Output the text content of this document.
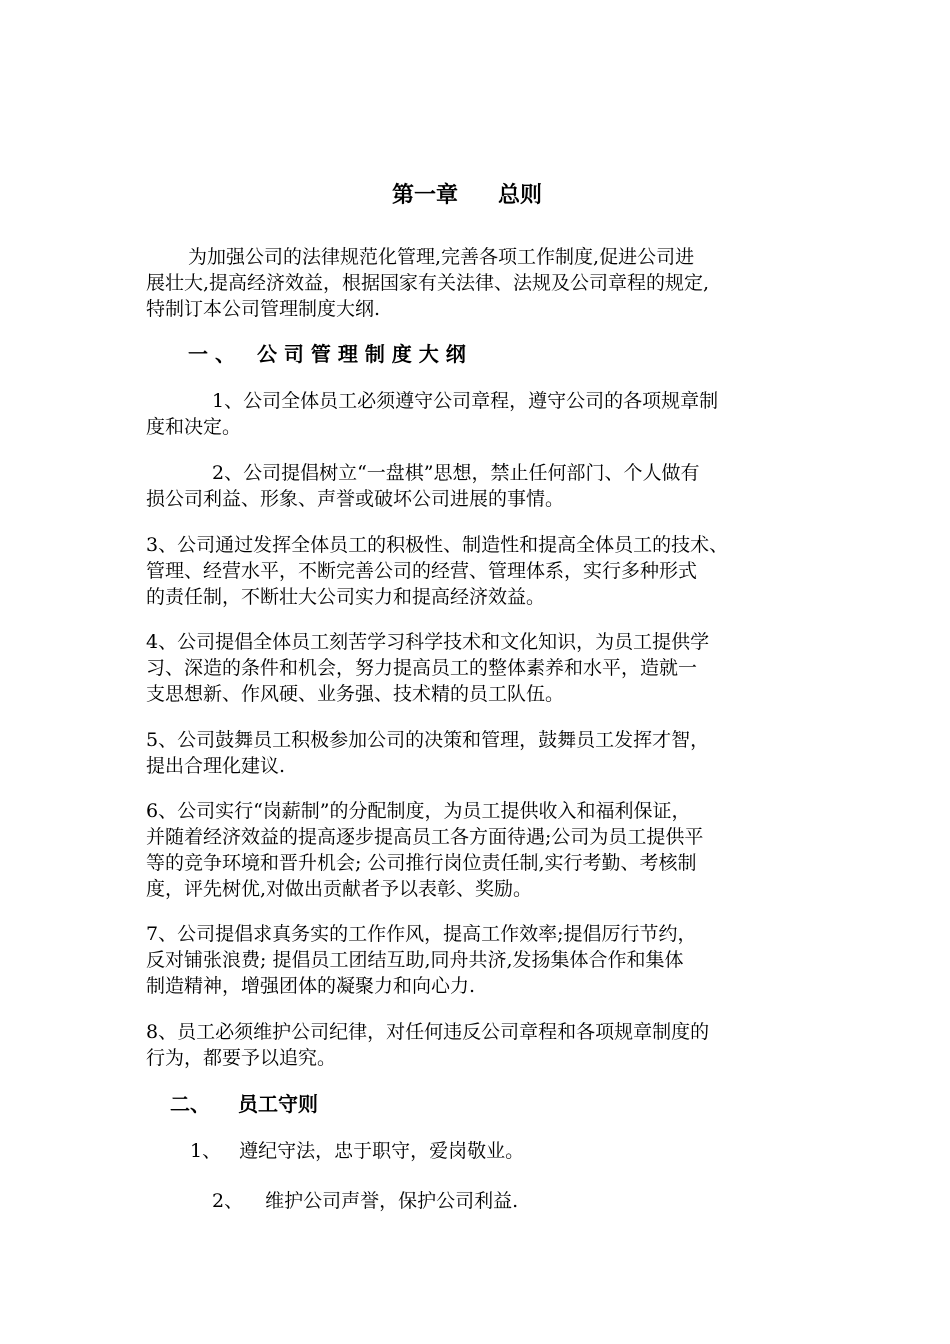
第一章 总则
为加强公司的法律规范化管理,完善各项工作制度,促进公司进
展壮大,提高经济效益，根据国家有关法律、法规及公司章程的规定,
特制订本公司管理制度大纲.
一 、 公 司 管 理 制 度 大 纲
1、公司全体员工必须遵守公司章程，遵守公司的各项规章制
度和决定。
2、公司提倡树立“一盘棋”思想，禁止任何部门、个人做有
损公司利益、形象、声誉或破坏公司进展的事情。
3、公司通过发挥全体员工的积极性、制造性和提高全体员工的技术、
管理、经营水平，不断完善公司的经营、管理体系，实行多种形式
的责任制，不断壮大公司实力和提高经济效益。
4、公司提倡全体员工刻苦学习科学技术和文化知识，为员工提供学
习、深造的条件和机会，努力提高员工的整体素养和水平，造就一
支思想新、作风硬、业务强、技术精的员工队伍。
5、公司鼓舞员工积极参加公司的决策和管理，鼓舞员工发挥才智，
提出合理化建议.
6、公司实行“岗薪制”的分配制度，为员工提供收入和福利保证，
并随着经济效益的提高逐步提高员工各方面待遇;公司为员工提供平
等的竞争环境和晋升机会; 公司推行岗位责任制,实行考勤、考核制
度，评先树优,对做出贡献者予以表彰、奖励。
7、公司提倡求真务实的工作作风，提高工作效率;提倡厉行节约，
反对铺张浪费; 提倡员工团结互助,同舟共济,发扬集体合作和集体
制造精神，增强团体的凝聚力和向心力.
8、员工必须维护公司纪律，对任何违反公司章程和各项规章制度的
行为，都要予以追究。
二、 员工守则
1、 遵纪守法，忠于职守，爱岗敬业。
2、 维护公司声誉，保护公司利益.
